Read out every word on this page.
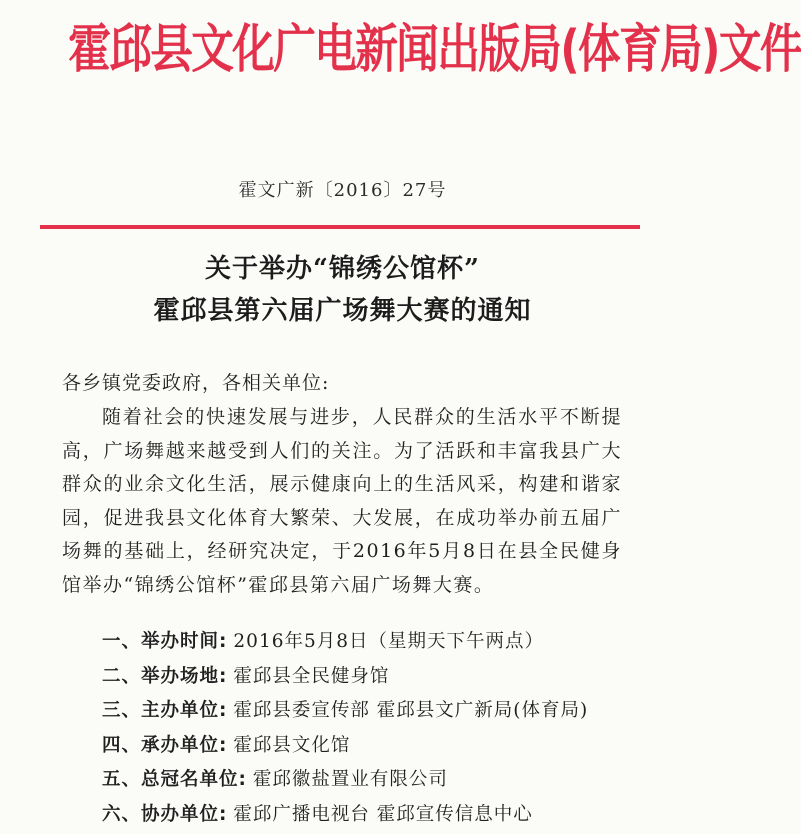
霍邱县文化广电新闻出版局(体育局)文件
霍文广新〔2016〕27号
关于举办“锦绣公馆杯”
霍邱县第六届广场舞大赛的通知
各乡镇党委政府，各相关单位:
随着社会的快速发展与进步，人民群众的生活水平不断提高，广场舞越来越受到人们的关注。为了活跃和丰富我县广大群众的业余文化生活，展示健康向上的生活风采，构建和谐家园，促进我县文化体育大繁荣、大发展，在成功举办前五届广场舞的基础上，经研究决定，于2016年5月8日在县全民健身馆举办“锦绣公馆杯”霍邱县第六届广场舞大赛。
一、举办时间: 2016年5月8日（星期天下午两点）
二、举办场地: 霍邱县全民健身馆
三、主办单位: 霍邱县委宣传部 霍邱县文广新局(体育局)
四、承办单位: 霍邱县文化馆
五、总冠名单位: 霍邱徽盐置业有限公司
六、协办单位: 霍邱广播电视台 霍邱宣传信息中心
